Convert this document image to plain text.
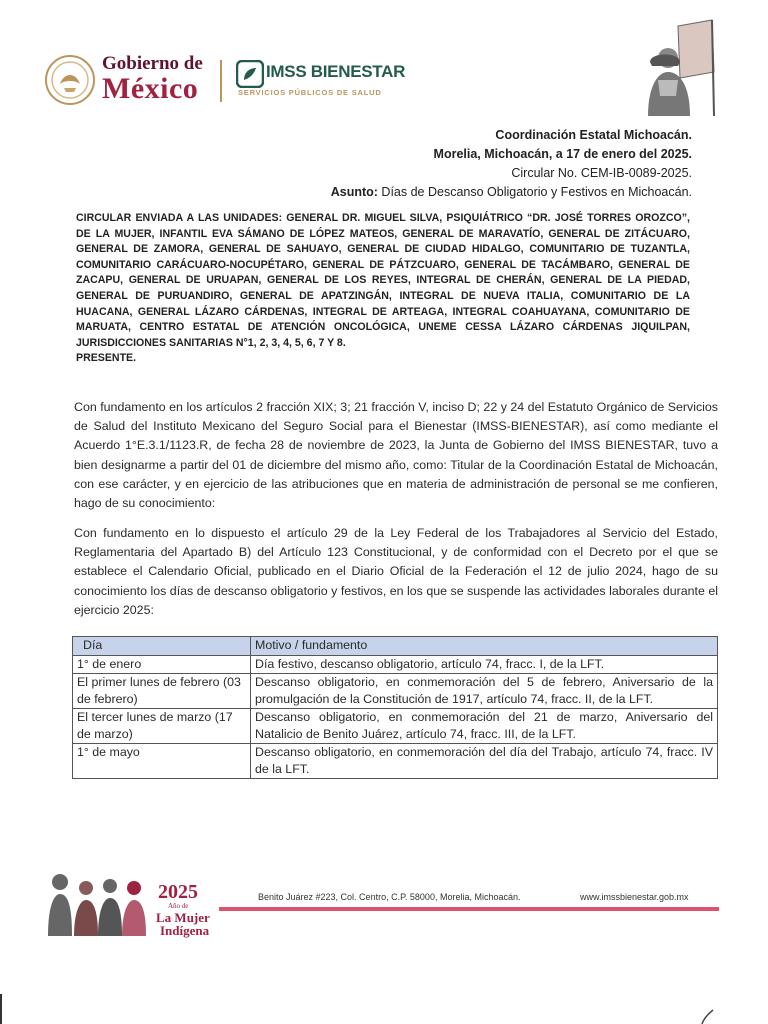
Gobierno de
México
IMSS BIENESTAR
SERVICIOS PÚBLICOS DE SALUD
Coordinación Estatal Michoacán.
Morelia, Michoacán, a 17 de enero del 2025.
Circular No. CEM-IB-0089-2025.
Asunto: Días de Descanso Obligatorio y Festivos en Michoacán.
CIRCULAR ENVIADA A LAS UNIDADES: GENERAL DR. MIGUEL SILVA, PSIQUIÁTRICO “DR. JOSÉ TORRES OROZCO”, DE LA MUJER, INFANTIL EVA SÁMANO DE LÓPEZ MATEOS, GENERAL DE MARAVATÍO, GENERAL DE ZITÁCUARO, GENERAL DE ZAMORA, GENERAL DE SAHUAYO, GENERAL DE CIUDAD HIDALGO, COMUNITARIO DE TUZANTLA, COMUNITARIO CARÁCUARO-NOCUPÉTARO, GENERAL DE PÁTZCUARO, GENERAL DE TACÁMBARO, GENERAL DE ZACAPU, GENERAL DE URUAPAN, GENERAL DE LOS REYES, INTEGRAL DE CHERÁN, GENERAL DE LA PIEDAD, GENERAL DE PURUANDIRO, GENERAL DE APATZINGÁN, INTEGRAL DE NUEVA ITALIA, COMUNITARIO DE LA HUACANA, GENERAL LÁZARO CÁRDENAS, INTEGRAL DE ARTEAGA, INTEGRAL COAHUAYANA, COMUNITARIO DE MARUATA, CENTRO ESTATAL DE ATENCIÓN ONCOLÓGICA, UNEME CESSA LÁZARO CÁRDENAS JIQUILPAN, JURISDICCIONES SANITARIAS N°1, 2, 3, 4, 5, 6, 7 Y 8.
PRESENTE.
Con fundamento en los artículos 2 fracción XIX; 3; 21 fracción V, inciso D; 22 y 24 del Estatuto Orgánico de Servicios de Salud del Instituto Mexicano del Seguro Social para el Bienestar (IMSS-BIENESTAR), así como mediante el Acuerdo 1°E.3.1/1123.R, de fecha 28 de noviembre de 2023, la Junta de Gobierno del IMSS BIENESTAR, tuvo a bien designarme a partir del 01 de diciembre del mismo año, como: Titular de la Coordinación Estatal de Michoacán, con ese carácter, y en ejercicio de las atribuciones que en materia de administración de personal se me confieren, hago de su conocimiento:
Con fundamento en lo dispuesto el artículo 29 de la Ley Federal de los Trabajadores al Servicio del Estado, Reglamentaria del Apartado B) del Artículo 123 Constitucional, y de conformidad con el Decreto por el que se establece el Calendario Oficial, publicado en el Diario Oficial de la Federación el 12 de julio 2024, hago de su conocimiento los días de descanso obligatorio y festivos, en los que se suspende las actividades laborales durante el ejercicio 2025:
Día	Motivo / fundamento
1° de enero	Día festivo, descanso obligatorio, artículo 74, fracc. I, de la LFT.
El primer lunes de febrero (03 de febrero)	Descanso obligatorio, en conmemoración del 5 de febrero, Aniversario de la promulgación de la Constitución de 1917, artículo 74, fracc. II, de la LFT.
El tercer lunes de marzo (17 de marzo)	Descanso obligatorio, en conmemoración del 21 de marzo, Aniversario del Natalicio de Benito Juárez, artículo 74, fracc. III, de la LFT.
1° de mayo	Descanso obligatorio, en conmemoración del día del Trabajo, artículo 74, fracc. IV de la LFT.
2025
Año de
La Mujer
Indígena
Benito Juárez #223, Col. Centro, C.P. 58000, Morelia, Michoacán.	www.imssbienestar.gob.mx
